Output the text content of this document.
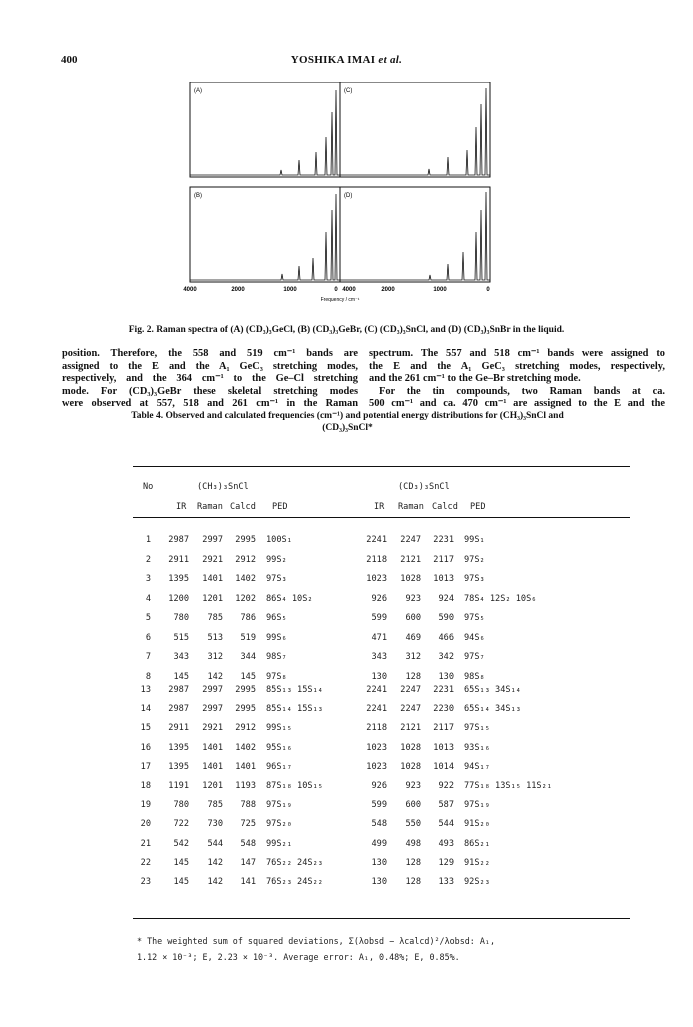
400	YOSHIKA IMAI et al.
(A)	(C)
(B)	(D)
4000	2000	1000	0 4000	2000	1000	0
Frequency / cm⁻¹
Fig. 2. Raman spectra of (A) (CD₃)₃GeCl, (B) (CD₃)₃GeBr, (C) (CD₃)₃SnCl, and (D) (CD₃)₃SnBr in the liquid.
position. Therefore, the 558 and 519 cm⁻¹ bands are
assigned to the E and the A₁ GeC₃ stretching modes,
respectively, and the 364 cm⁻¹ to the Ge–Cl stretching
mode. For (CD₃)₃GeBr these skeletal stretching modes
were observed at 557, 518 and 261 cm⁻¹ in the Raman
spectrum. The 557 and 518 cm⁻¹ bands were assigned to
the E and the A₁ GeC₃ stretching modes, respectively,
and the 261 cm⁻¹ to the Ge–Br stretching mode.
For the tin compounds, two Raman bands at ca.
500 cm⁻¹ and ca. 470 cm⁻¹ are assigned to the E and the
Table 4. Observed and calculated frequencies (cm⁻¹) and potential energy distributions for (CH₃)₃SnCl and
(CD₃)₃SnCl*
No	(CH₃)₃SnCl	(CD₃)₃SnCl
IR Raman Calcd PED	IR Raman Calcd PED
1	2987	2997	2995 100S₁	2241	2247	2231 99S₁
2	2911	2921	2912 99S₂	2118	2121	2117 97S₂
3	1395	1401	1402 97S₃	1023	1028	1013 97S₃
4	1200	1201	1202 86S₄ 10S₂	926	923	924 78S₄ 12S₂ 10S₆
5	780	785	786 96S₅	599	600	590 97S₅
6	515	513	519 99S₆	471	469	466 94S₆
7	343	312	344 98S₇	343	312	342 97S₇
8	145	142	145 97S₈	130	128	130 98S₈
13	2987	2997	2995 85S₁₃ 15S₁₄	2241	2247	2231 65S₁₃ 34S₁₄
14	2987	2997	2995 85S₁₄ 15S₁₃	2241	2247	2230 65S₁₄ 34S₁₃
15	2911	2921	2912 99S₁₅	2118	2121	2117 97S₁₅
16	1395	1401	1402 95S₁₆	1023	1028	1013 93S₁₆
17	1395	1401	1401 96S₁₇	1023	1028	1014 94S₁₇
18	1191	1201	1193 87S₁₈ 10S₁₅	926	923	922 77S₁₈ 13S₁₅ 11S₂₁
19	780	785	788 97S₁₉	599	600	587 97S₁₉
20	722	730	725 97S₂₀	548	550	544 91S₂₀
21	542	544	548 99S₂₁	499	498	493 86S₂₁
22	145	142	147 76S₂₂ 24S₂₃	130	128	129 91S₂₂
23	145	142	141 76S₂₃ 24S₂₂	130	128	133 92S₂₃
* The weighted sum of squared deviations, Σ(λobsd − λcalcd)²/λobsd: A₁,
1.12 × 10⁻³; E, 2.23 × 10⁻³. Average error: A₁, 0.48%; E, 0.85%.
